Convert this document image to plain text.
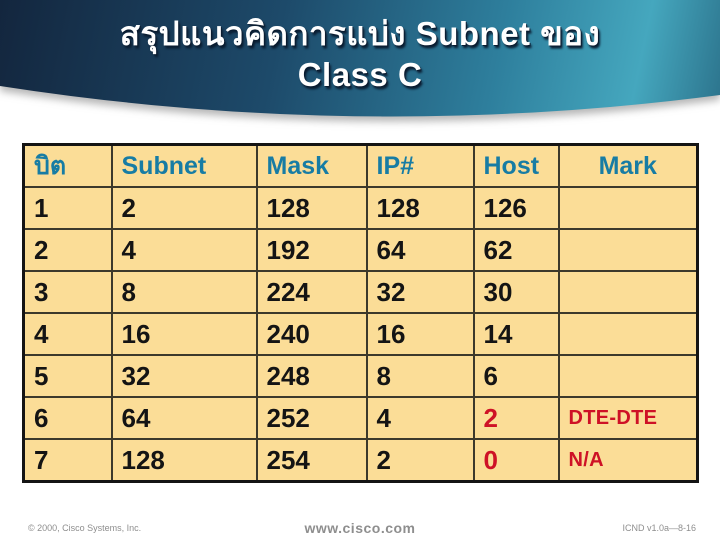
สรุปแนวคิดการแบ่ง Subnet ของ
Class C
บิต	Subnet	Mask	IP#	Host	Mark
1	2	128	128	126	
2	4	192	64	62	
3	8	224	32	30	
4	16	240	16	14	
5	32	248	8	6	
6	64	252	4	2	DTE-DTE
7	128	254	2	0	N/A
© 2000, Cisco Systems, Inc.	www.cisco.com	ICND v1.0a—8-16
